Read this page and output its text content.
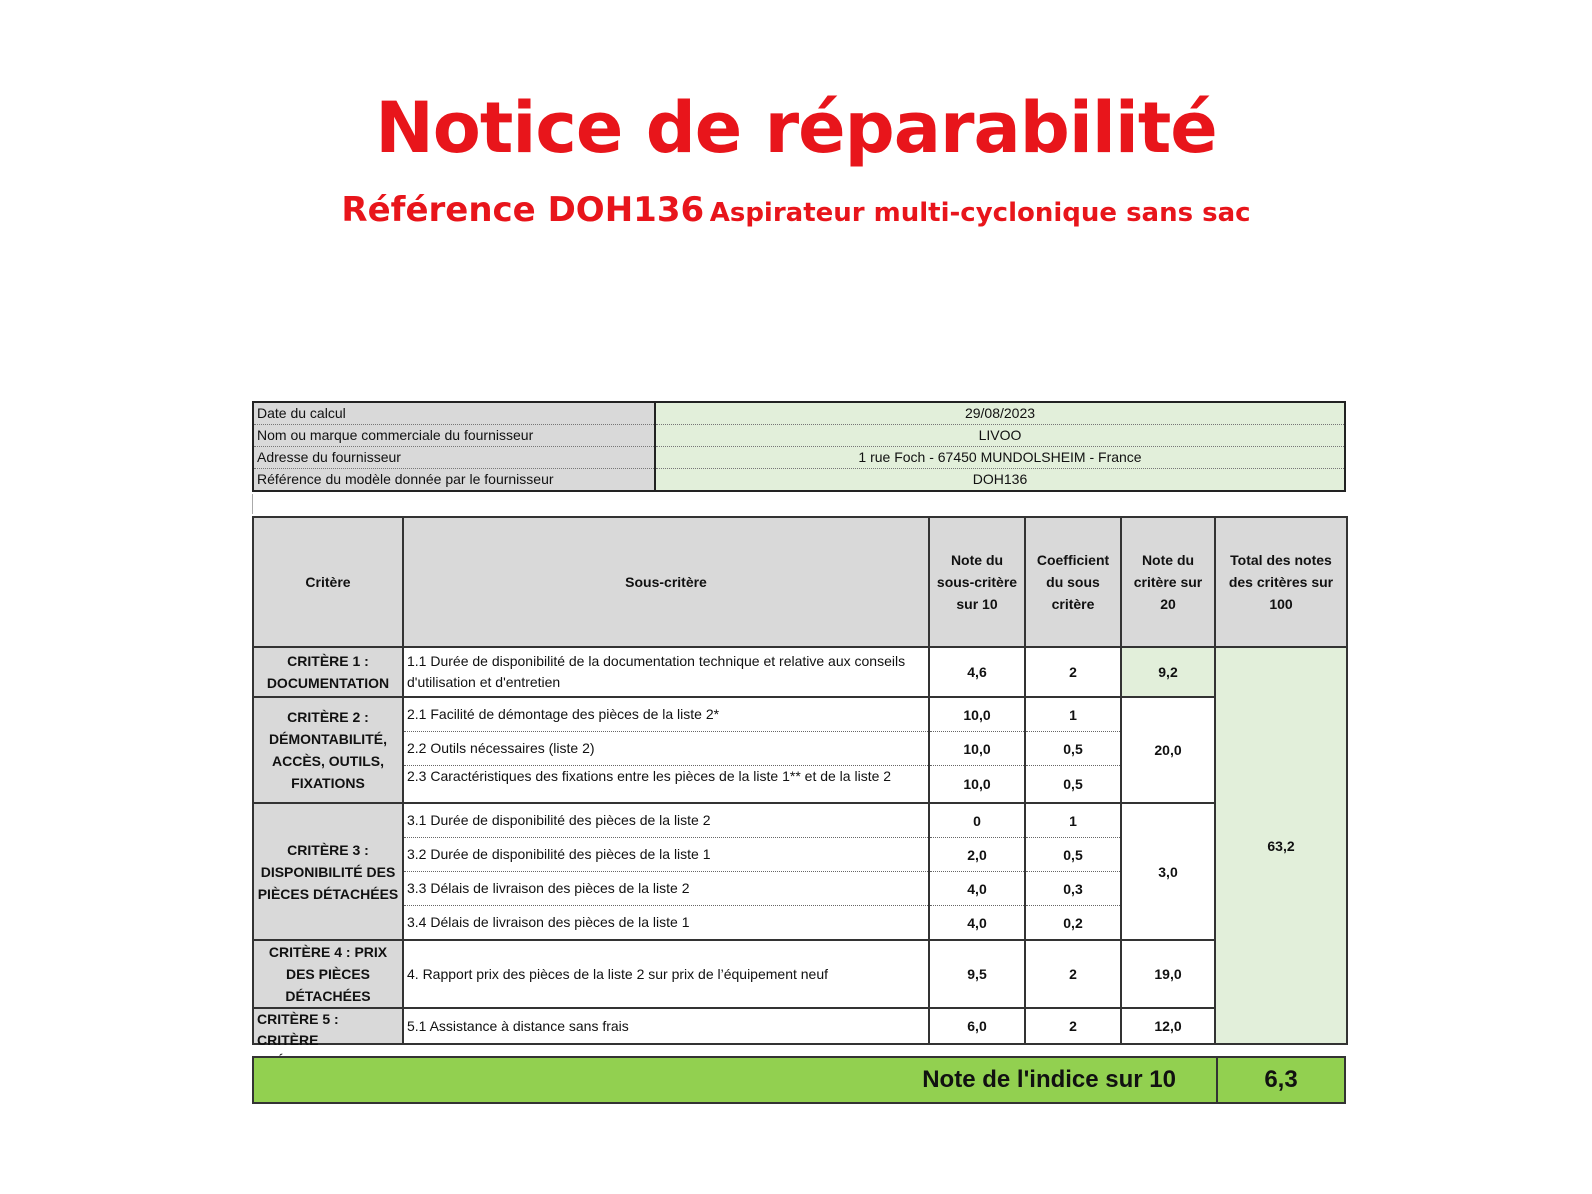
Notice de réparabilité
Référence DOH136 Aspirateur multi-cyclonique sans sac
Date du calcul	29/08/2023
Nom ou marque commerciale du fournisseur	LIVOO
Adresse du fournisseur	1 rue Foch - 67450 MUNDOLSHEIM - France
Référence du modèle donnée par le fournisseur	DOH136
Critère	Sous-critère	Note du sous-critère sur 10	Coefficient du sous critère	Note du critère sur 20	Total des notes des critères sur 100
CRITÈRE 1 : DOCUMENTATION	1.1 Durée de disponibilité de la documentation technique et relative aux conseils d'utilisation et d'entretien	4,6	2	9,2	63,2
CRITÈRE 2 : DÉMONTABILITÉ, ACCÈS, OUTILS, FIXATIONS	2.1 Facilité de démontage des pièces de la liste 2*	10,0	1	20,0	
	2.2 Outils nécessaires (liste 2)	10,0	0,5		

	2.3 Caractéristiques des fixations entre les pièces de la liste 1** et de la liste 2	10,0	0,5		
CRITÈRE 3 : DISPONIBILITÉ DES PIÈCES DÉTACHÉES	3.1 Durée de disponibilité des pièces de la liste 2	0	1	3,0	
	3.2 Durée de disponibilité des pièces de la liste 1	2,0	0,5		
	3.3 Délais de livraison des pièces de la liste 2	4,0	0,3		
	3.4 Délais de livraison des pièces de la liste 1	4,0	0,2		
CRITÈRE 4 : PRIX DES PIÈCES DÉTACHÉES	4. Rapport prix des pièces de la liste 2 sur prix de l’équipement neuf	9,5	2	19,0	

CRITÈRE 5 : CRITÈRE	5.1 Assistance à distance sans frais	6,0	2	12,0	
Note de l'indice sur 10	6,3
